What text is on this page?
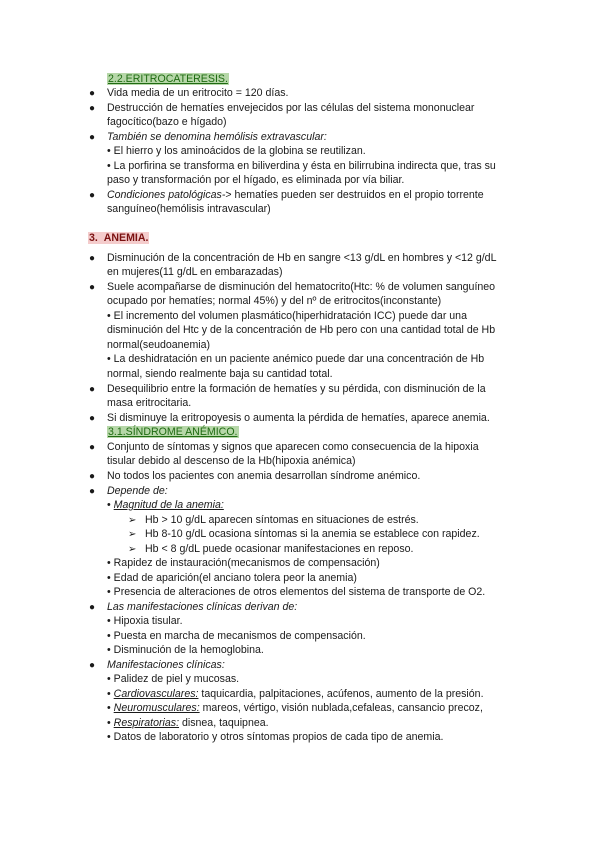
2.2.ERITROCATERESIS.
● Vida media de un eritrocito = 120 días.
● Destrucción de hematíes envejecidos por las células del sistema mononuclear
fagocítico(bazo e hígado)
● También se denomina hemólisis extravascular:
• El hierro y los aminoácidos de la globina se reutilizan.
• La porfirina se transforma en biliverdina y ésta en bilirrubina indirecta que, tras su
paso y transformación por el hígado, es eliminada por vía biliar.
● Condiciones patológicas-> hematíes pueden ser destruidos en el propio torrente
sanguíneo(hemólisis intravascular)
3. ANEMIA.
● Disminución de la concentración de Hb en sangre <13 g/dL en hombres y <12 g/dL
en mujeres(11 g/dL en embarazadas)
● Suele acompañarse de disminución del hematocrito(Htc: % de volumen sanguíneo
ocupado por hematíes; normal 45%) y del nº de eritrocitos(inconstante)
• El incremento del volumen plasmático(hiperhidratación ICC) puede dar una
disminución del Htc y de la concentración de Hb pero con una cantidad total de Hb
normal(seudoanemia)
• La deshidratación en un paciente anémico puede dar una concentración de Hb
normal, siendo realmente baja su cantidad total.
● Desequilibrio entre la formación de hematíes y su pérdida, con disminución de la
masa eritrocitaria.
● Si disminuye la eritropoyesis o aumenta la pérdida de hematíes, aparece anemia.
3.1.SÍNDROME ANÉMICO.
● Conjunto de síntomas y signos que aparecen como consecuencia de la hipoxia
tisular debido al descenso de la Hb(hipoxia anémica)
● No todos los pacientes con anemia desarrollan síndrome anémico.
● Depende de:
• Magnitud de la anemia:
➢ Hb > 10 g/dL aparecen síntomas en situaciones de estrés.
➢ Hb 8-10 g/dL ocasiona síntomas si la anemia se establece con rapidez.
➢ Hb < 8 g/dL puede ocasionar manifestaciones en reposo.
• Rapidez de instauración(mecanismos de compensación)
• Edad de aparición(el anciano tolera peor la anemia)
• Presencia de alteraciones de otros elementos del sistema de transporte de O2.
● Las manifestaciones clínicas derivan de:
• Hipoxia tisular.
• Puesta en marcha de mecanismos de compensación.
• Disminución de la hemoglobina.
● Manifestaciones clínicas:
• Palidez de piel y mucosas.
• Cardiovasculares: taquicardia, palpitaciones, acúfenos, aumento de la presión.
• Neuromusculares: mareos, vértigo, visión nublada,cefaleas, cansancio precoz,
• Respiratorias: disnea, taquipnea.
• Datos de laboratorio y otros síntomas propios de cada tipo de anemia.
